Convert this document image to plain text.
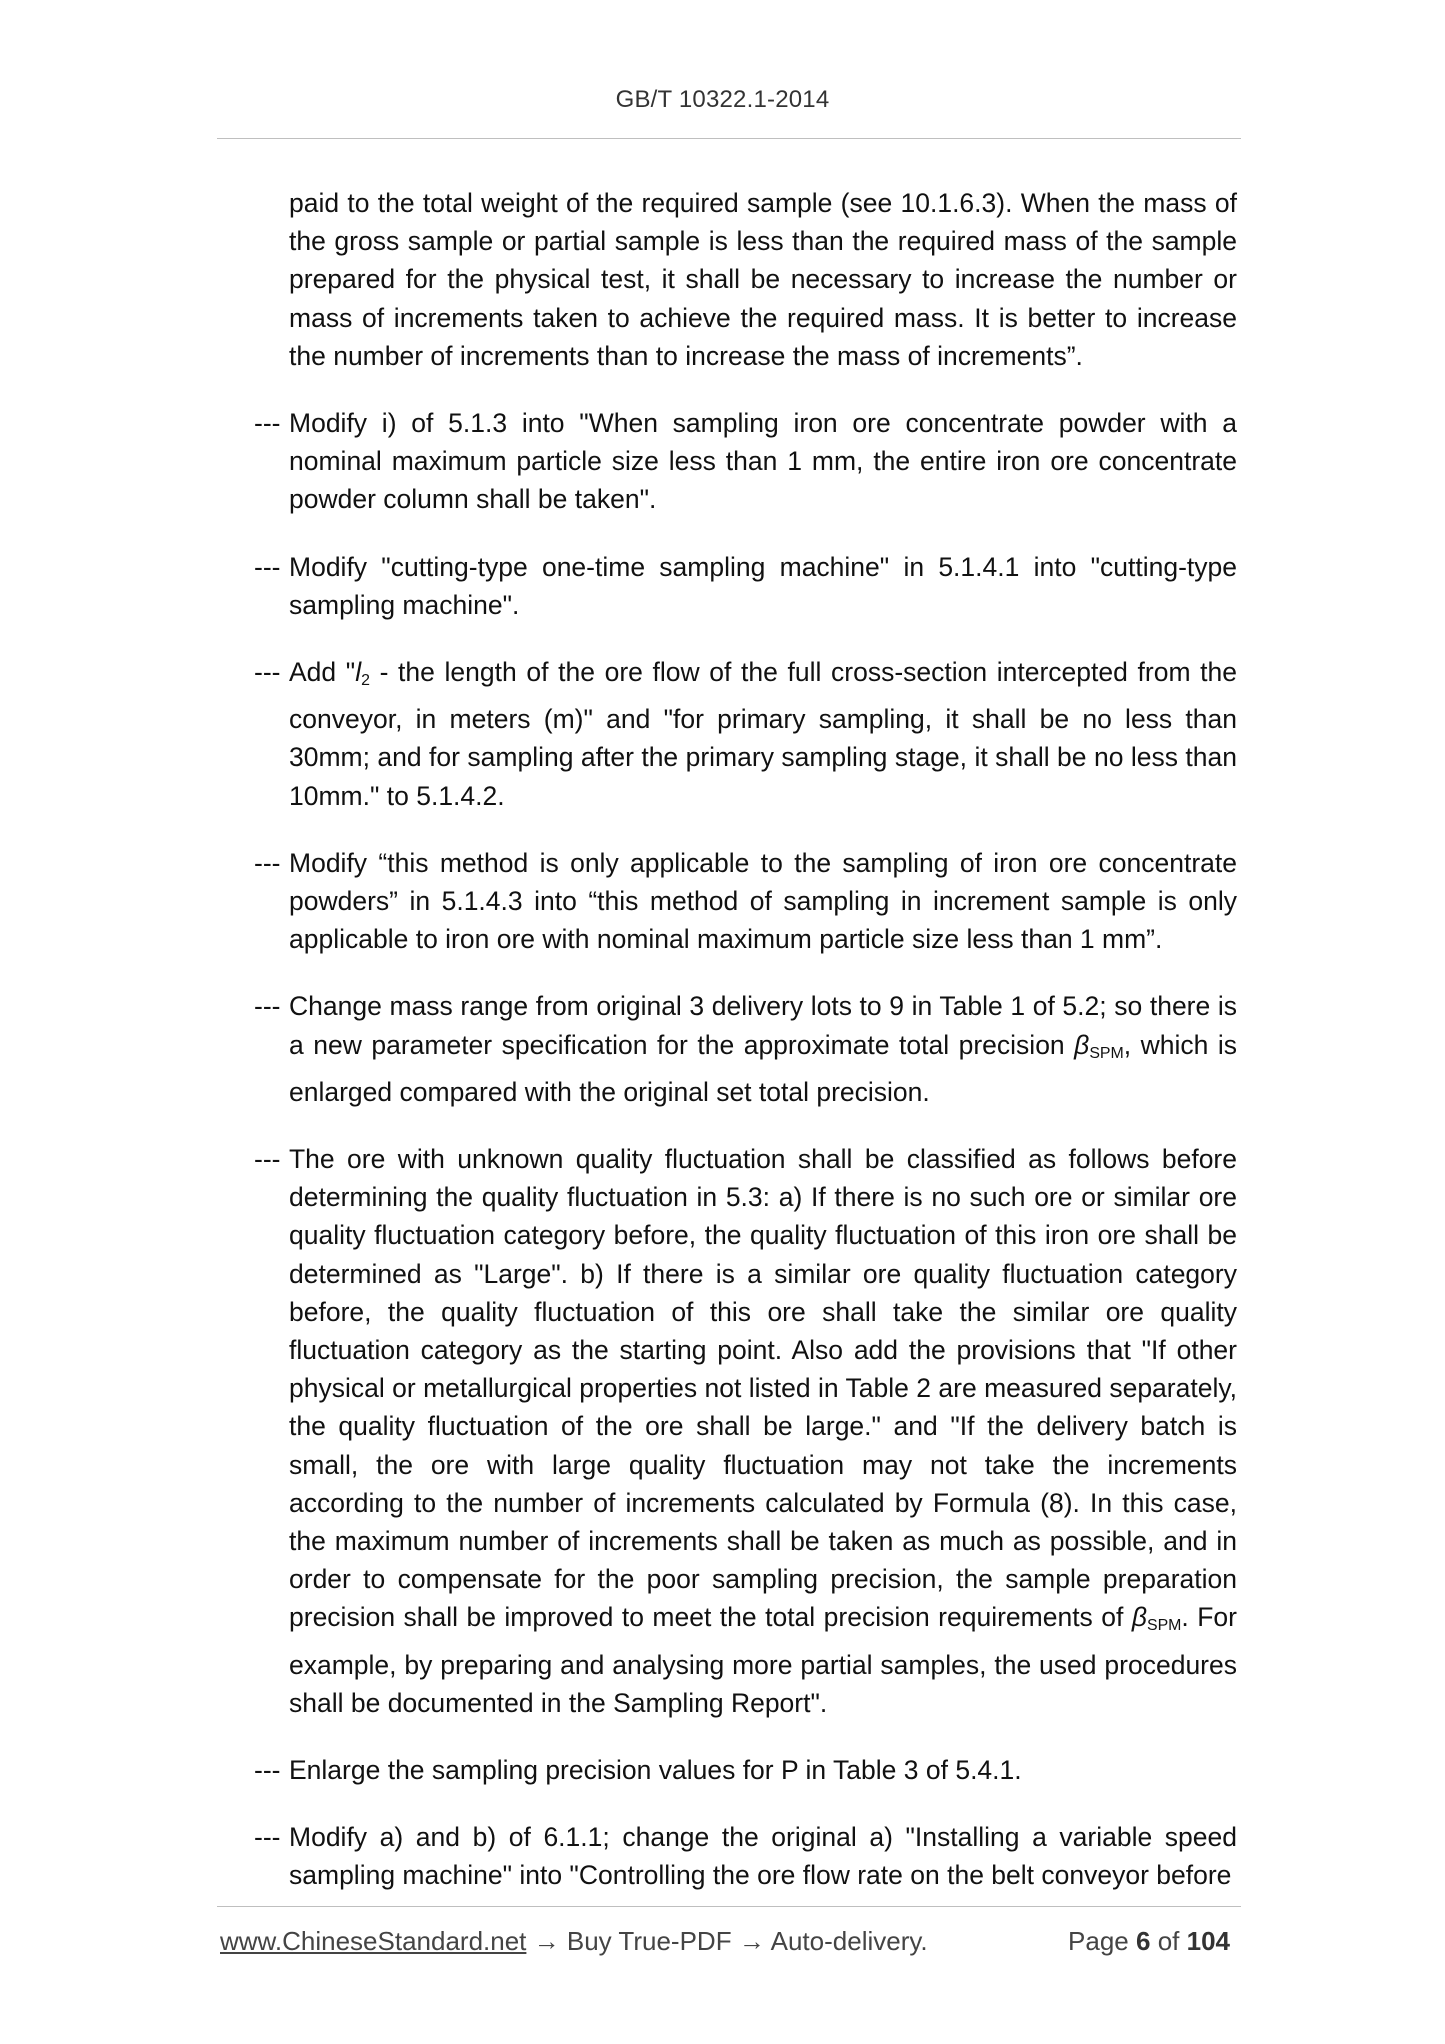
GB/T 10322.1-2014

paid to the total weight of the required sample (see 10.1.6.3). When the mass of the gross sample or partial sample is less than the required mass of the sample prepared for the physical test, it shall be necessary to increase the number or mass of increments taken to achieve the required mass. It is better to increase the number of increments than to increase the mass of increments”.

--- Modify i) of 5.1.3 into "When sampling iron ore concentrate powder with a nominal maximum particle size less than 1 mm, the entire iron ore concentrate powder column shall be taken".

--- Modify "cutting-type one-time sampling machine" in 5.1.4.1 into "cutting-type sampling machine".

--- Add "$l_2$ - the length of the ore flow of the full cross-section intercepted from the conveyor, in meters (m)" and "for primary sampling, it shall be no less than 30mm; and for sampling after the primary sampling stage, it shall be no less than 10mm." to 5.1.4.2.

--- Modify “this method is only applicable to the sampling of iron ore concentrate powders” in 5.1.4.3 into “this method of sampling in increment sample is only applicable to iron ore with nominal maximum particle size less than 1 mm”.

--- Change mass range from original 3 delivery lots to 9 in Table 1 of 5.2; so there is a new parameter specification for the approximate total precision $\beta_{SPM}$, which is enlarged compared with the original set total precision.

--- The ore with unknown quality fluctuation shall be classified as follows before determining the quality fluctuation in 5.3: a) If there is no such ore or similar ore quality fluctuation category before, the quality fluctuation of this iron ore shall be determined as "Large". b) If there is a similar ore quality fluctuation category before, the quality fluctuation of this ore shall take the similar ore quality fluctuation category as the starting point. Also add the provisions that "If other physical or metallurgical properties not listed in Table 2 are measured separately, the quality fluctuation of the ore shall be large." and "If the delivery batch is small, the ore with large quality fluctuation may not take the increments according to the number of increments calculated by Formula (8). In this case, the maximum number of increments shall be taken as much as possible, and in order to compensate for the poor sampling precision, the sample preparation precision shall be improved to meet the total precision requirements of $\beta_{SPM}$. For example, by preparing and analysing more partial samples, the used procedures shall be documented in the Sampling Report".

--- Enlarge the sampling precision values for P in Table 3 of 5.4.1.

--- Modify a) and b) of 6.1.1; change the original a) "Installing a variable speed sampling machine" into "Controlling the ore flow rate on the belt conveyor before

www.ChineseStandard.net → Buy True-PDF → Auto-delivery.	Page 6 of 104
